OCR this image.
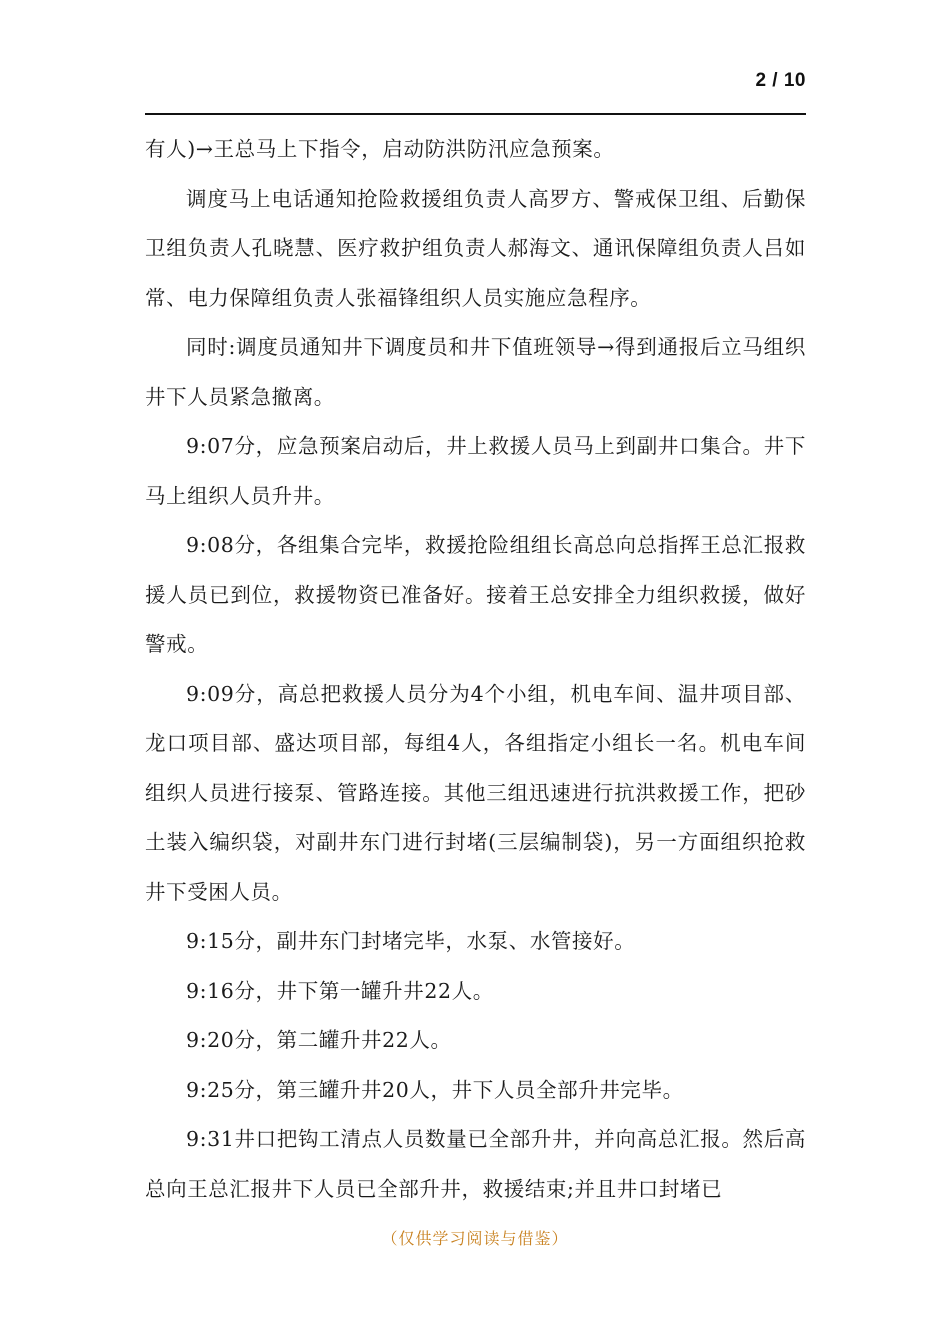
2 / 10

有人)→王总马上下指令，启动防洪防汛应急预案。

调度马上电话通知抢险救援组负责人高罗方、警戒保卫组、后勤保卫组负责人孔晓慧、医疗救护组负责人郝海文、通讯保障组负责人吕如常、电力保障组负责人张福锋组织人员实施应急程序。

同时:调度员通知井下调度员和井下值班领导→得到通报后立马组织井下人员紧急撤离。

9:07分，应急预案启动后，井上救援人员马上到副井口集合。井下马上组织人员升井。

9:08分，各组集合完毕，救援抢险组组长高总向总指挥王总汇报救援人员已到位，救援物资已准备好。接着王总安排全力组织救援，做好警戒。

9:09分，高总把救援人员分为4个小组，机电车间、温井项目部、龙口项目部、盛达项目部，每组4人，各组指定小组长一名。机电车间组织人员进行接泵、管路连接。其他三组迅速进行抗洪救援工作，把砂土装入编织袋，对副井东门进行封堵(三层编制袋)，另一方面组织抢救井下受困人员。

9:15分，副井东门封堵完毕，水泵、水管接好。

9:16分，井下第一罐升井22人。

9:20分，第二罐升井22人。

9:25分，第三罐升井20人，井下人员全部升井完毕。

9:31井口把钩工清点人员数量已全部升井，并向高总汇报。然后高总向王总汇报井下人员已全部升井，救援结束;并且井口封堵已

（仅供学习阅读与借鉴）
